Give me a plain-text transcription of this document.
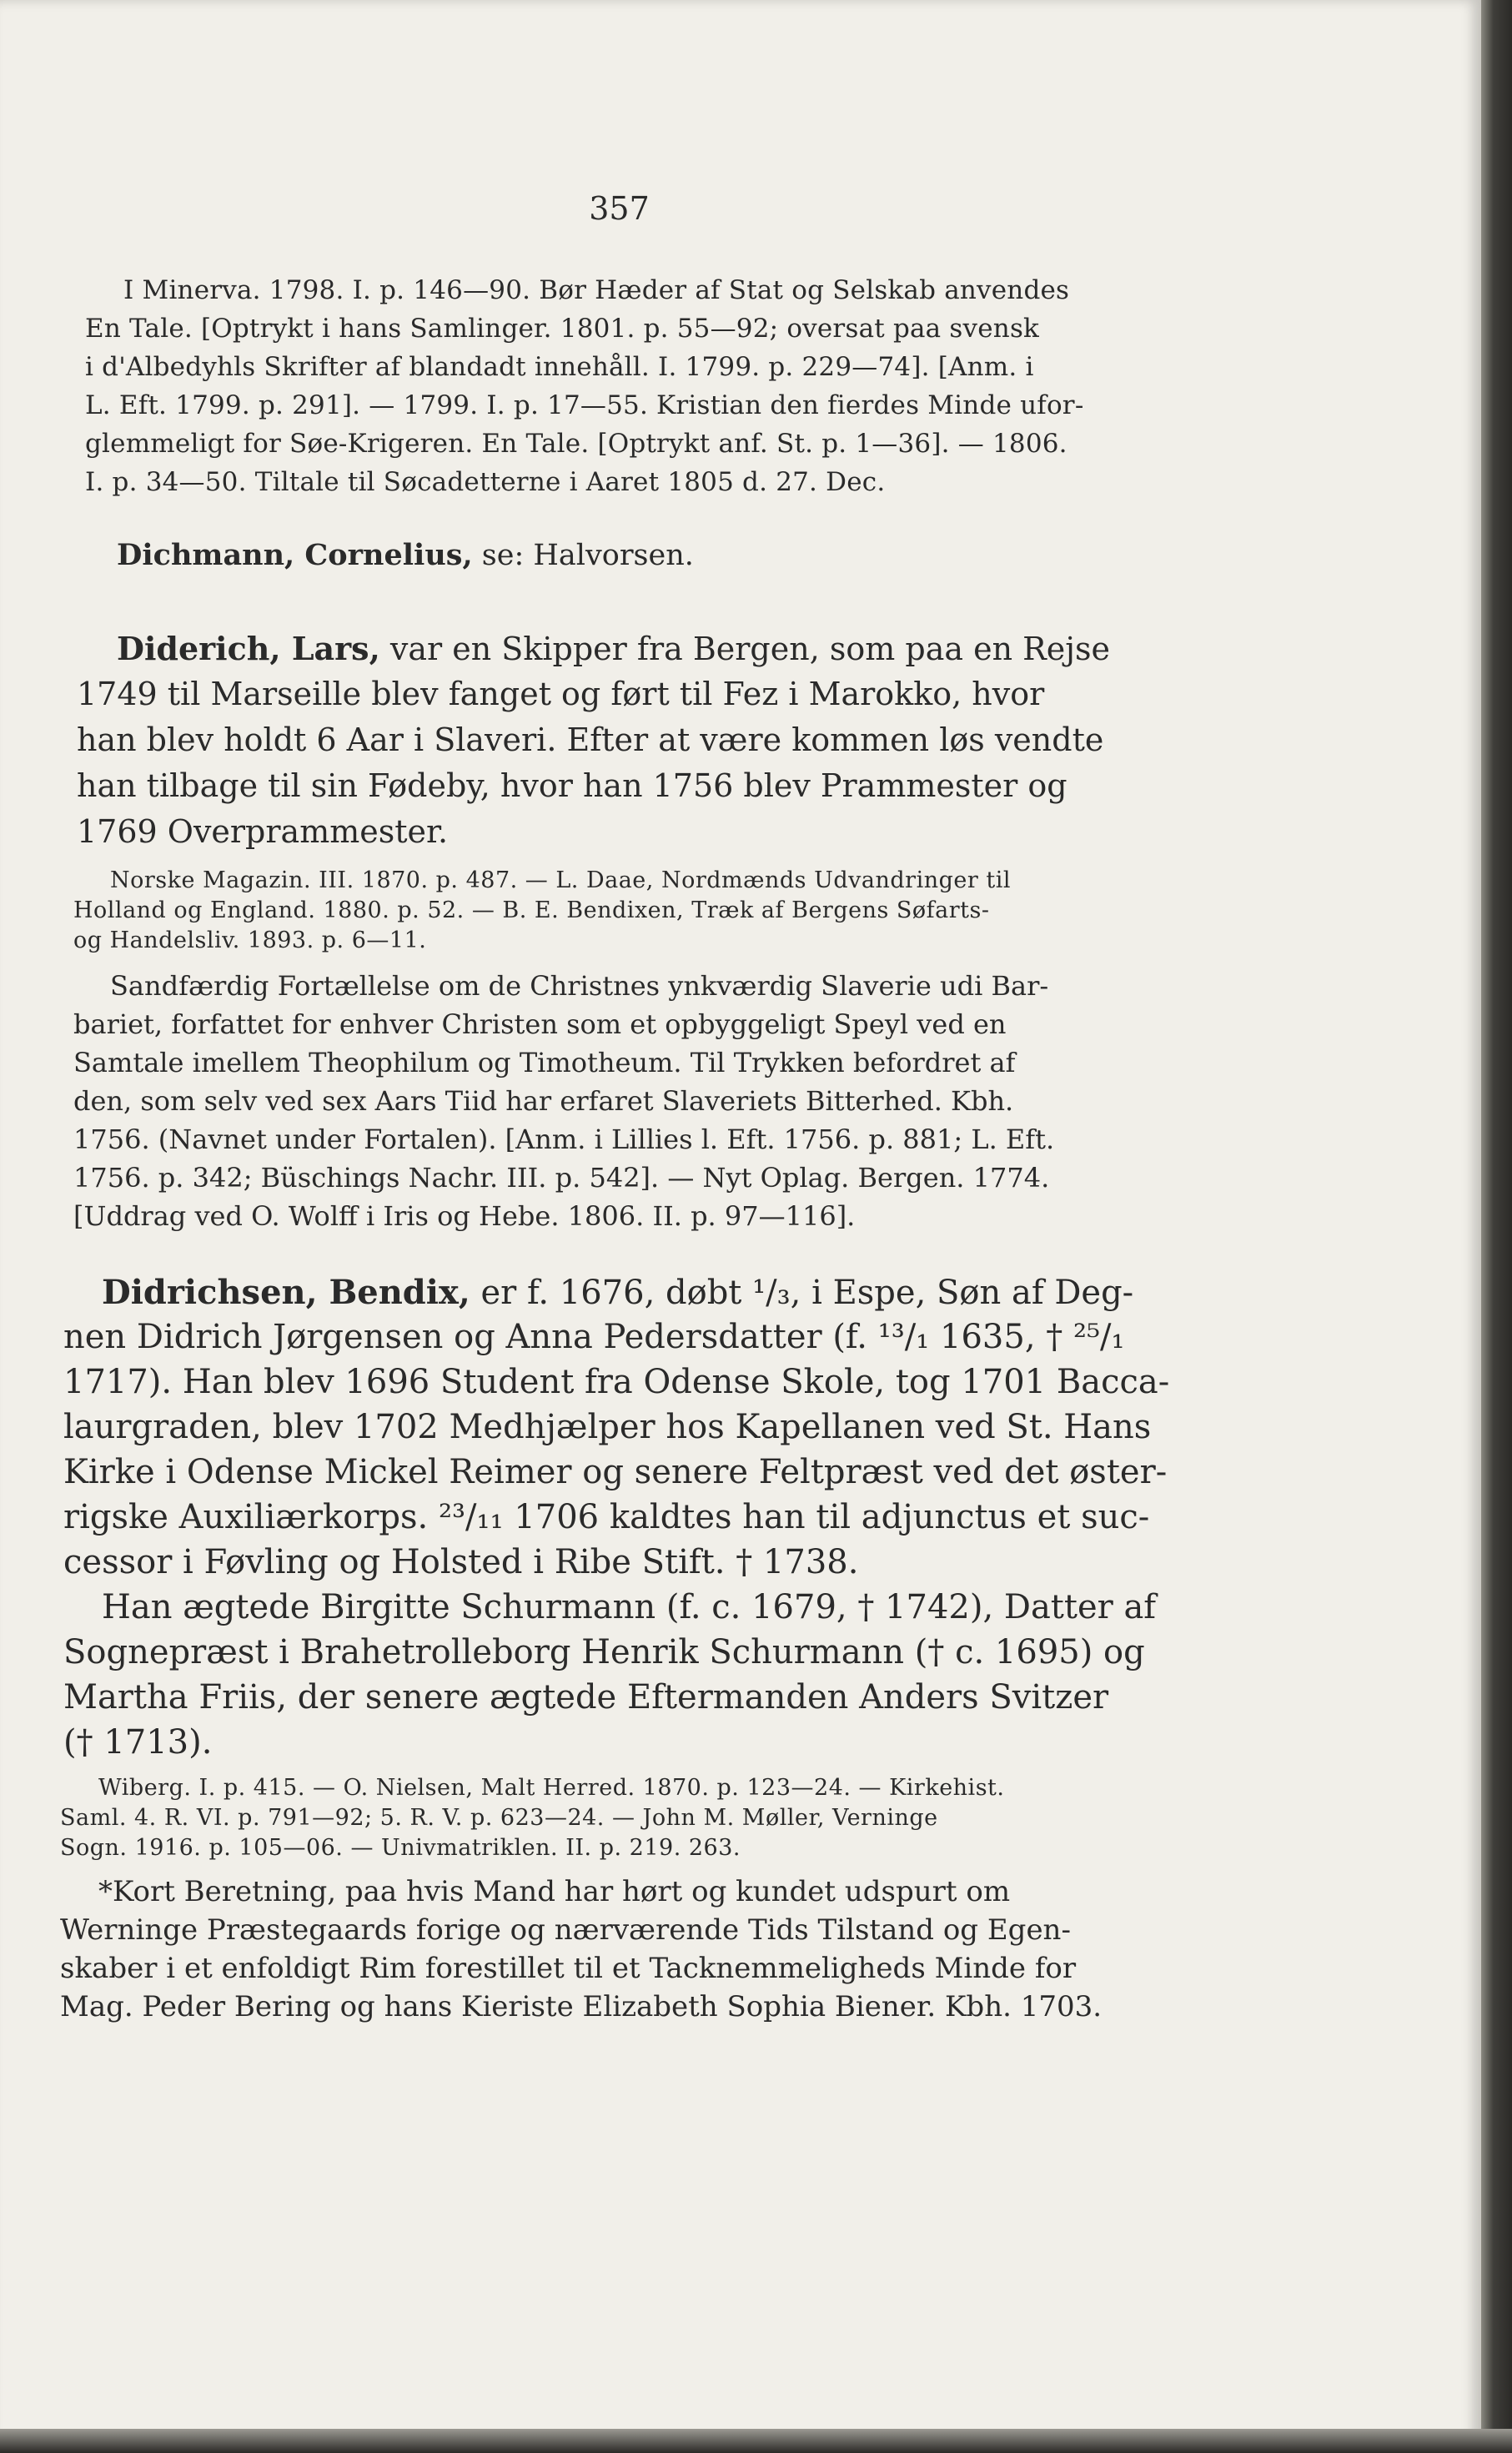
357
I Minerva. 1798. I. p. 146—90. Bør Hæder af Stat og Selskab anvendes
En Tale. [Optrykt i hans Samlinger. 1801. p. 55—92; oversat paa svensk
i d'Albedyhls Skrifter af blandadt innehåll. I. 1799. p. 229—74]. [Anm. i
L. Eft. 1799. p. 291]. — 1799. I. p. 17—55. Kristian den fierdes Minde ufor-
glemmeligt for Søe-Krigeren. En Tale. [Optrykt anf. St. p. 1—36]. — 1806.
I. p. 34—50. Tiltale til Søcadetterne i Aaret 1805 d. 27. Dec.
Dichmann, Cornelius, se: Halvorsen.
Diderich, Lars, var en Skipper fra Bergen, som paa en Rejse
1749 til Marseille blev fanget og ført til Fez i Marokko, hvor
han blev holdt 6 Aar i Slaveri. Efter at være kommen løs vendte
han tilbage til sin Fødeby, hvor han 1756 blev Prammester og
1769 Overprammester.
Norske Magazin. III. 1870. p. 487. — L. Daae, Nordmænds Udvandringer til
Holland og England. 1880. p. 52. — B. E. Bendixen, Træk af Bergens Søfarts-
og Handelsliv. 1893. p. 6—11.
Sandfærdig Fortællelse om de Christnes ynkværdig Slaverie udi Bar-
bariet, forfattet for enhver Christen som et opbyggeligt Speyl ved en
Samtale imellem Theophilum og Timotheum. Til Trykken befordret af
den, som selv ved sex Aars Tiid har erfaret Slaveriets Bitterhed. Kbh.
1756. (Navnet under Fortalen). [Anm. i Lillies l. Eft. 1756. p. 881; L. Eft.
1756. p. 342; Büschings Nachr. III. p. 542]. — Nyt Oplag. Bergen. 1774.
[Uddrag ved O. Wolff i Iris og Hebe. 1806. II. p. 97—116].
Didrichsen, Bendix, er f. 1676, døbt ¹/₃, i Espe, Søn af Deg-
nen Didrich Jørgensen og Anna Pedersdatter (f. ¹³/₁ 1635, † ²⁵/₁
1717). Han blev 1696 Student fra Odense Skole, tog 1701 Bacca-
laurgraden, blev 1702 Medhjælper hos Kapellanen ved St. Hans
Kirke i Odense Mickel Reimer og senere Feltpræst ved det øster-
rigske Auxiliærkorps. ²³/₁₁ 1706 kaldtes han til adjunctus et suc-
cessor i Føvling og Holsted i Ribe Stift. † 1738.
Han ægtede Birgitte Schurmann (f. c. 1679, † 1742), Datter af
Sognepræst i Brahetrolleborg Henrik Schurmann († c. 1695) og
Martha Friis, der senere ægtede Eftermanden Anders Svitzer
(† 1713).
Wiberg. I. p. 415. — O. Nielsen, Malt Herred. 1870. p. 123—24. — Kirkehist.
Saml. 4. R. VI. p. 791—92; 5. R. V. p. 623—24. — John M. Møller, Verninge
Sogn. 1916. p. 105—06. — Univmatriklen. II. p. 219. 263.
*Kort Beretning, paa hvis Mand har hørt og kundet udspurt om
Werninge Præstegaards forige og nærværende Tids Tilstand og Egen-
skaber i et enfoldigt Rim forestillet til et Tacknemmeligheds Minde for
Mag. Peder Bering og hans Kieriste Elizabeth Sophia Biener. Kbh. 1703.
